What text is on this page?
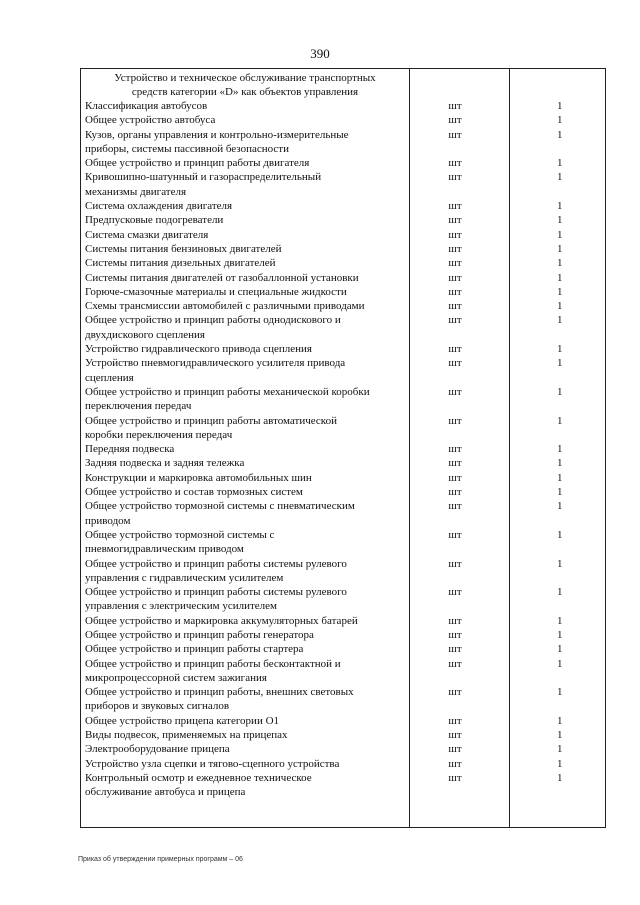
390
Устройство и техническое обслуживание транспортных
средств категории «D» как объектов управления
Классификация автобусов	шт	1
Общее устройство автобуса	шт	1
Кузов, органы управления и контрольно-измерительные
приборы, системы пассивной безопасности
шт	1
Общее устройство и принцип работы двигателя	шт	1
Кривошипно-шатунный и газораспределительный
механизмы двигателя
шт	1
Система охлаждения двигателя	шт	1
Предпусковые подогреватели	шт	1
Система смазки двигателя	шт	1
Системы питания бензиновых двигателей	шт	1
Системы питания дизельных двигателей	шт	1
Системы питания двигателей от газобаллонной установки	шт	1
Горюче-смазочные материалы и специальные жидкости	шт	1
Схемы трансмиссии автомобилей с различными приводами	шт	1
Общее устройство и принцип работы однодискового и
двухдискового сцепления
шт	1
Устройство гидравлического привода сцепления	шт	1
Устройство пневмогидравлического усилителя привода
сцепления
шт	1
Общее устройство и принцип работы механической коробки
переключения передач
шт	1
Общее устройство и принцип работы автоматической
коробки переключения передач
шт	1
Передняя подвеска	шт	1
Задняя подвеска и задняя тележка	шт	1
Конструкции и маркировка автомобильных шин	шт	1
Общее устройство и состав тормозных систем	шт	1
Общее устройство тормозной системы с пневматическим
приводом
шт	1
Общее устройство тормозной системы с
пневмогидравлическим приводом
шт	1
Общее устройство и принцип работы системы рулевого
управления с гидравлическим усилителем
шт	1
Общее устройство и принцип работы системы рулевого
управления с электрическим усилителем
шт	1
Общее устройство и маркировка аккумуляторных батарей	шт	1
Общее устройство и принцип работы генератора	шт	1
Общее устройство и принцип работы стартера	шт	1
Общее устройство и принцип работы бесконтактной и
микропроцессорной систем зажигания
шт	1
Общее устройство и принцип работы, внешних световых
приборов и звуковых сигналов
шт	1
Общее устройство прицепа категории O1	шт	1
Виды подвесок, применяемых на прицепах	шт	1
Электрооборудование прицепа	шт	1
Устройство узла сцепки и тягово-сцепного устройства	шт	1
Контрольный осмотр и ежедневное техническое
обслуживание автобуса и прицепа
шт	1
Приказ об утверждении примерных программ – 06
